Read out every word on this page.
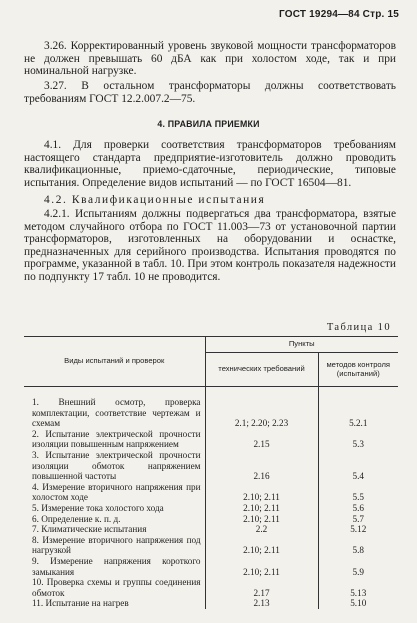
ГОСТ 19294—84 Стр. 15
3.26. Корректированный уровень звуковой мощности трансформаторов не должен превышать 60 дБА как при холостом ходе, так и при номинальной нагрузке.
3.27. В остальном трансформаторы должны соответствовать требованиям ГОСТ 12.2.007.2—75.
4. ПРАВИЛА ПРИЕМКИ
4.1. Для проверки соответствия трансформаторов требованиям настоящего стандарта предприятие-изготовитель должно проводить квалификационные, приемо-сдаточные, периодические, типовые испытания. Определение видов испытаний — по ГОСТ 16504—81.
4.2. Квалификационные испытания
4.2.1. Испытаниям должны подвергаться два трансформатора, взятые методом случайного отбора по ГОСТ 11.003—73 от установочной партии трансформаторов, изготовленных на оборудовании и оснастке, предназначенных для серийного производства. Испытания проводятся по программе, указанной в табл. 10. При этом контроль показателя надежности по подпункту 17 табл. 10 не проводится.
Таблица 10
Виды испытаний и проверок	Пункты	
	технических требований	методов контроля (испытаний)

1. Внешний осмотр, проверка комплектации, соответствие чертежам и схемам	2.1; 2.20; 2.23	5.2.1
2. Испытание электрической прочности изоляции повышенным напряжением	2.15	5.3
3. Испытание электрической прочности изоляции обмоток напряжением повышенной частоты	2.16	5.4
4. Измерение вторичного напряжения при холостом ходе	2.10; 2.11	5.5
5. Измерение тока холостого хода	2.10; 2.11	5.6
6. Определение к. п. д.	2.10; 2.11	5.7
7. Климатические испытания	2.2	5.12
8. Измерение вторичного напряжения под нагрузкой	2.10; 2.11	5.8
9. Измерение напряжения короткого замыкания	2.10; 2.11	5.9
10. Проверка схемы и группы соединения обмоток	2.17	5.13
11. Испытание на нагрев	2.13	5.10
